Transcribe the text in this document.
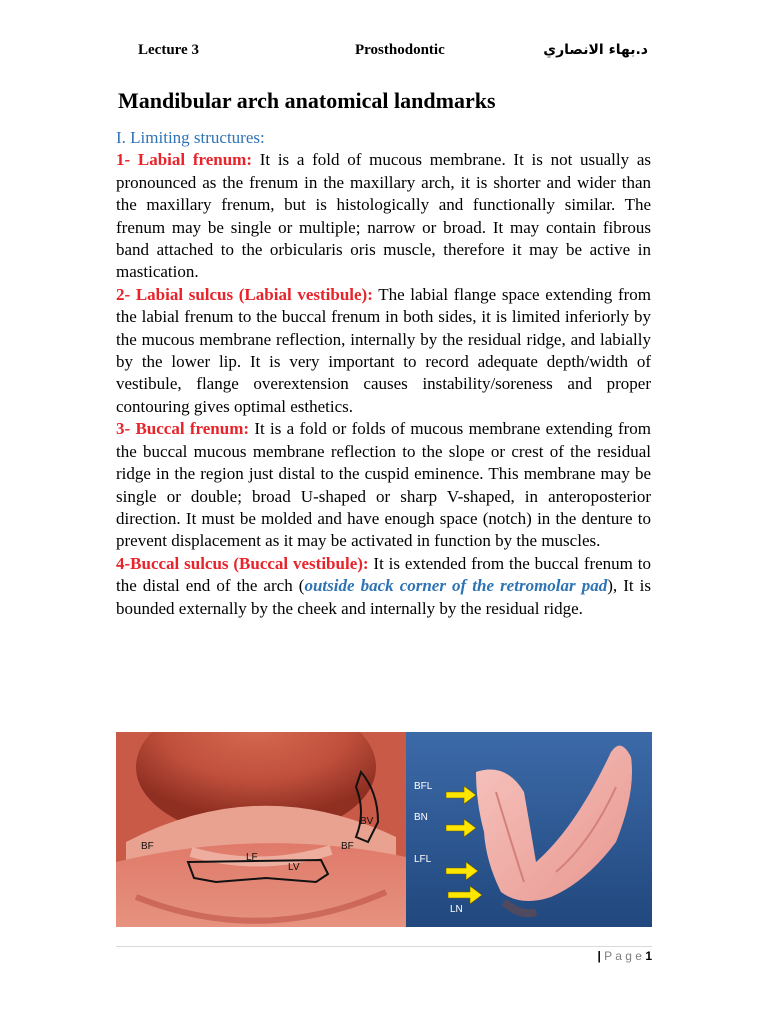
Lecture 3	Prosthodontic	د.بهاء الانصاري
Mandibular arch anatomical landmarks

I. Limiting structures:

1- Labial frenum: It is a fold of mucous membrane. It is not usually as pronounced as the frenum in the maxillary arch, it is shorter and wider than the maxillary frenum, but is histologically and functionally similar. The frenum may be single or multiple; narrow or broad. It may contain fibrous band attached to the orbicularis oris muscle, therefore it may be active in mastication.

2- Labial sulcus (Labial vestibule): The labial flange space extending from the labial frenum to the buccal frenum in both sides, it is limited inferiorly by the mucous membrane reflection, internally by the residual ridge, and labially by the lower lip. It is very important to record adequate depth/width of vestibule, flange overextension causes instability/soreness and proper contouring gives optimal esthetics.

3- Buccal frenum: It is a fold or folds of mucous membrane extending from the buccal mucous membrane reflection to the slope or crest of the residual ridge in the region just distal to the cuspid eminence. This membrane may be single or double; broad U-shaped or sharp V-shaped, in anteroposterior direction. It must be molded and have enough space (notch) in the denture to prevent displacement as it may be activated in function by the muscles.

4-Buccal sulcus (Buccal vestibule): It is extended from the buccal frenum to the distal end of the arch (outside back corner of the retromolar pad), It is bounded externally by the cheek and internally by the residual ridge.

BF
LF
LV
BF
BV
BFL
BN
LFL
LN
| P a g e 1
